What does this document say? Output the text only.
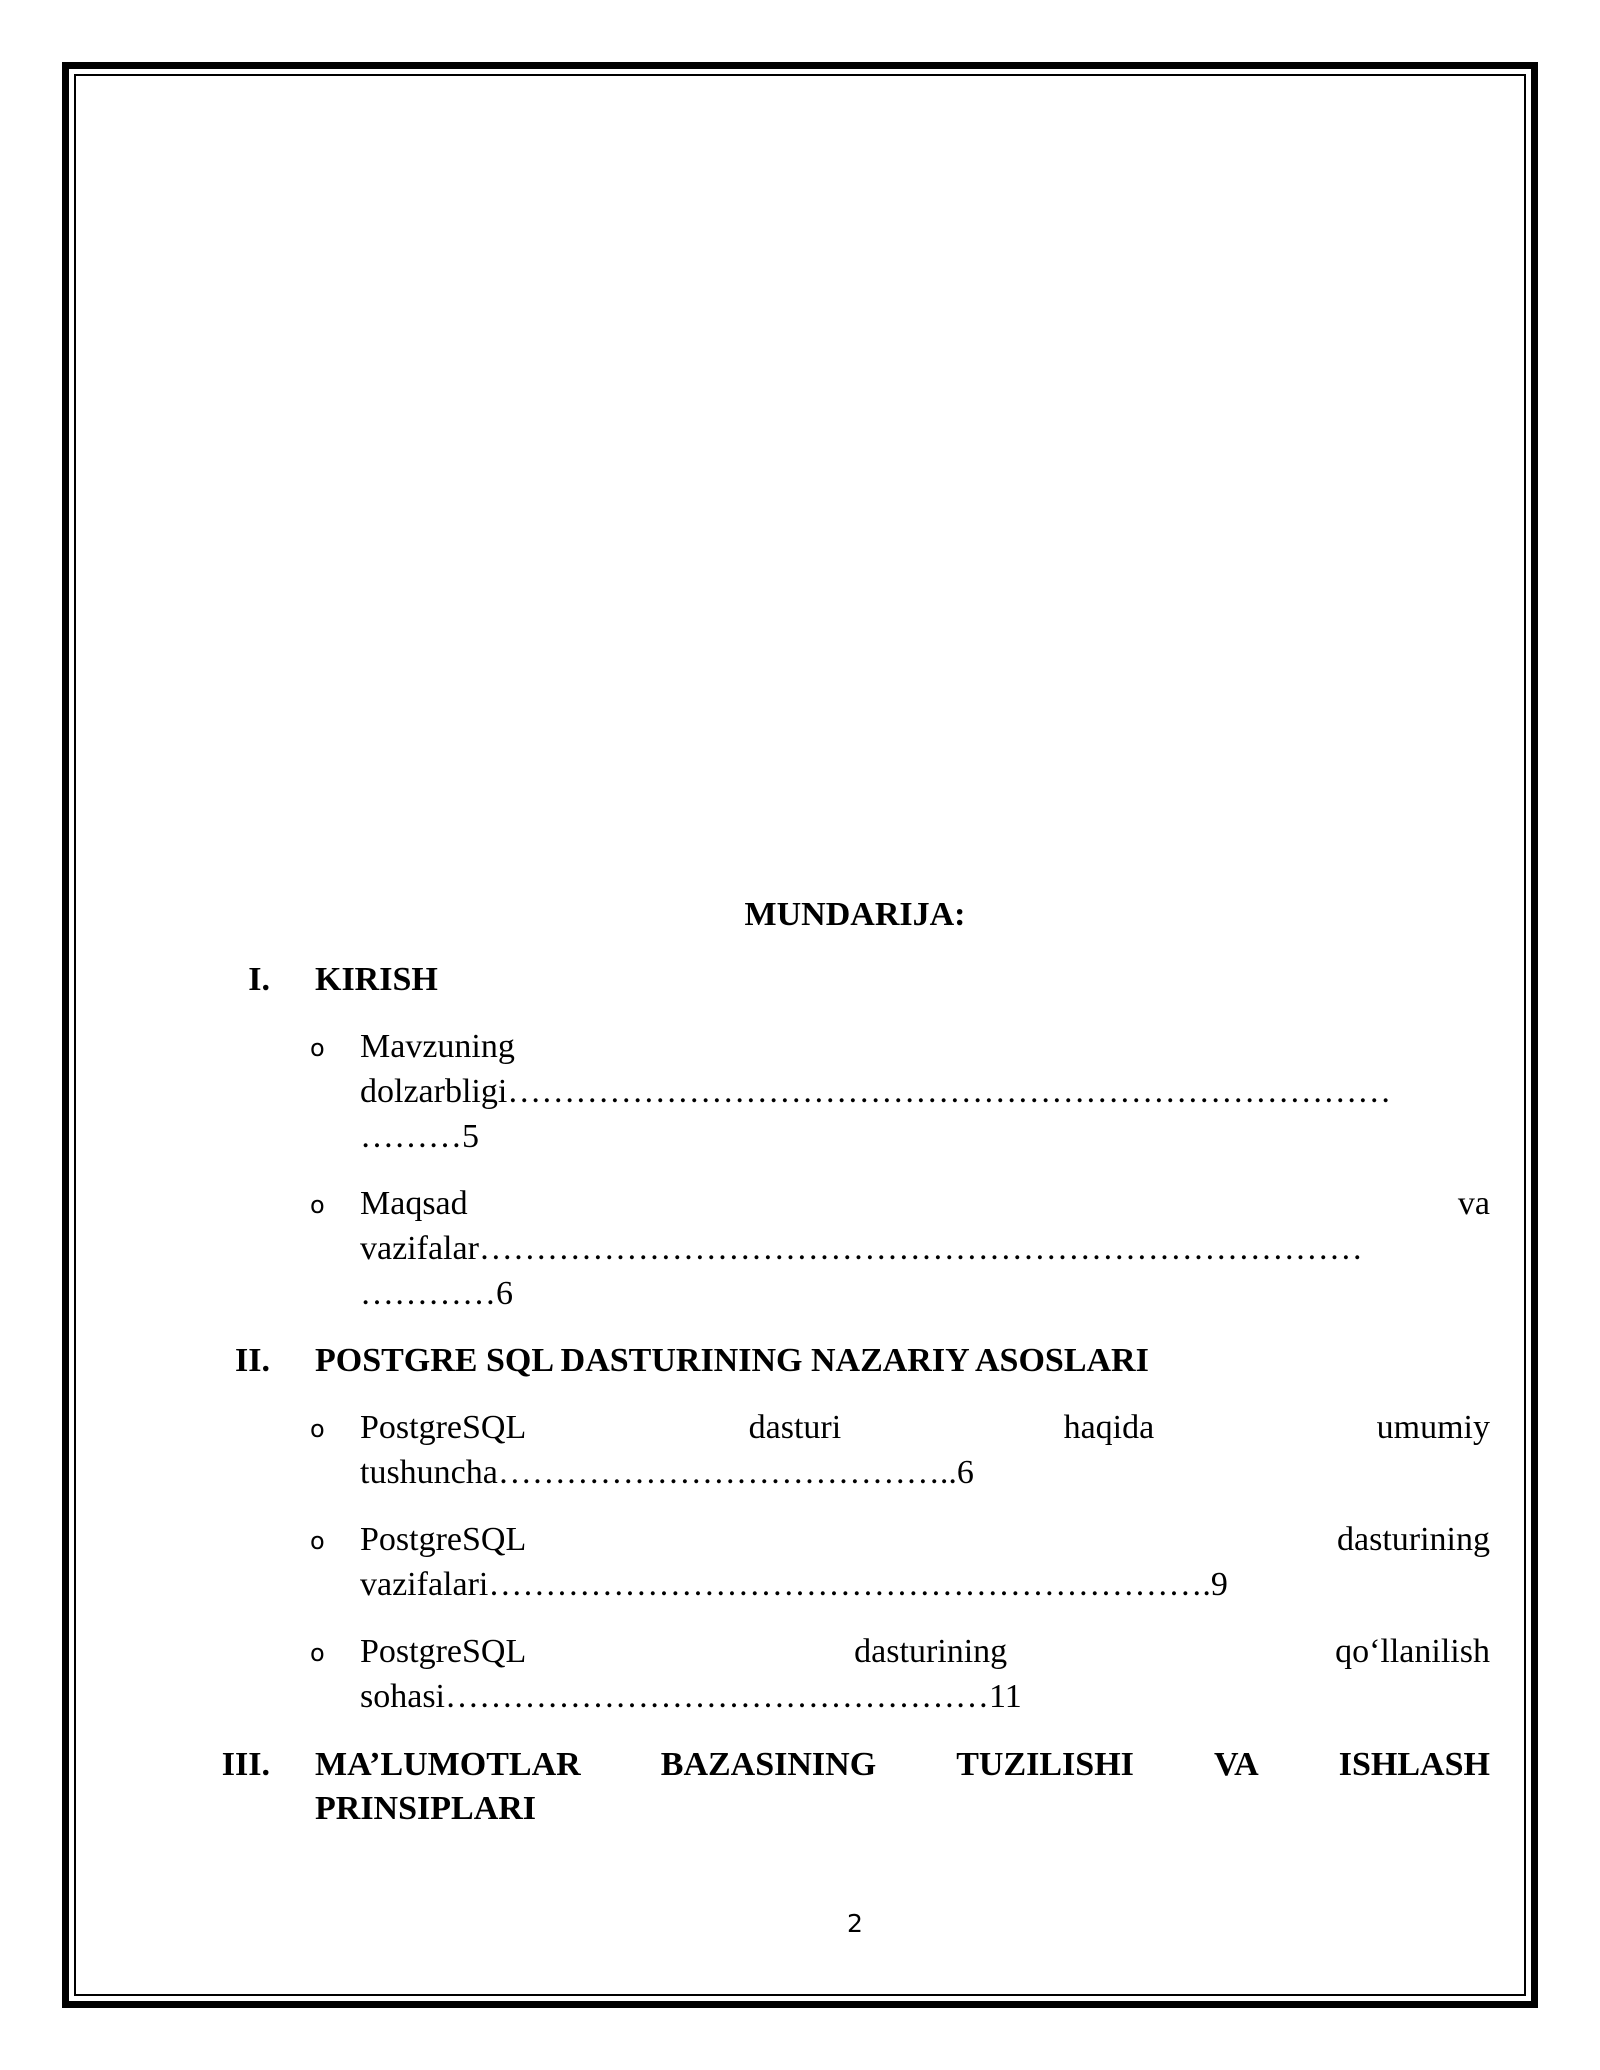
MUNDARIJA:
I. KIRISH
o Mavzuning
dolzarbligi……………………………………………………………………
………5
o Maqsad	va
vazifalar……………………………………………………………………
…………6
II. POSTGRE SQL DASTURINING NAZARIY ASOSLARI
o PostgreSQL	dasturi	haqida	umumiy
tushuncha…………………………………..6
o PostgreSQL	dasturining
vazifalari……………………………………………………….9
o PostgreSQL	dasturining	qo‘llanilish
sohasi…………………………………………11
III. MA’LUMOTLAR BAZASINING TUZILISHI VA ISHLASH
PRINSIPLARI
2
